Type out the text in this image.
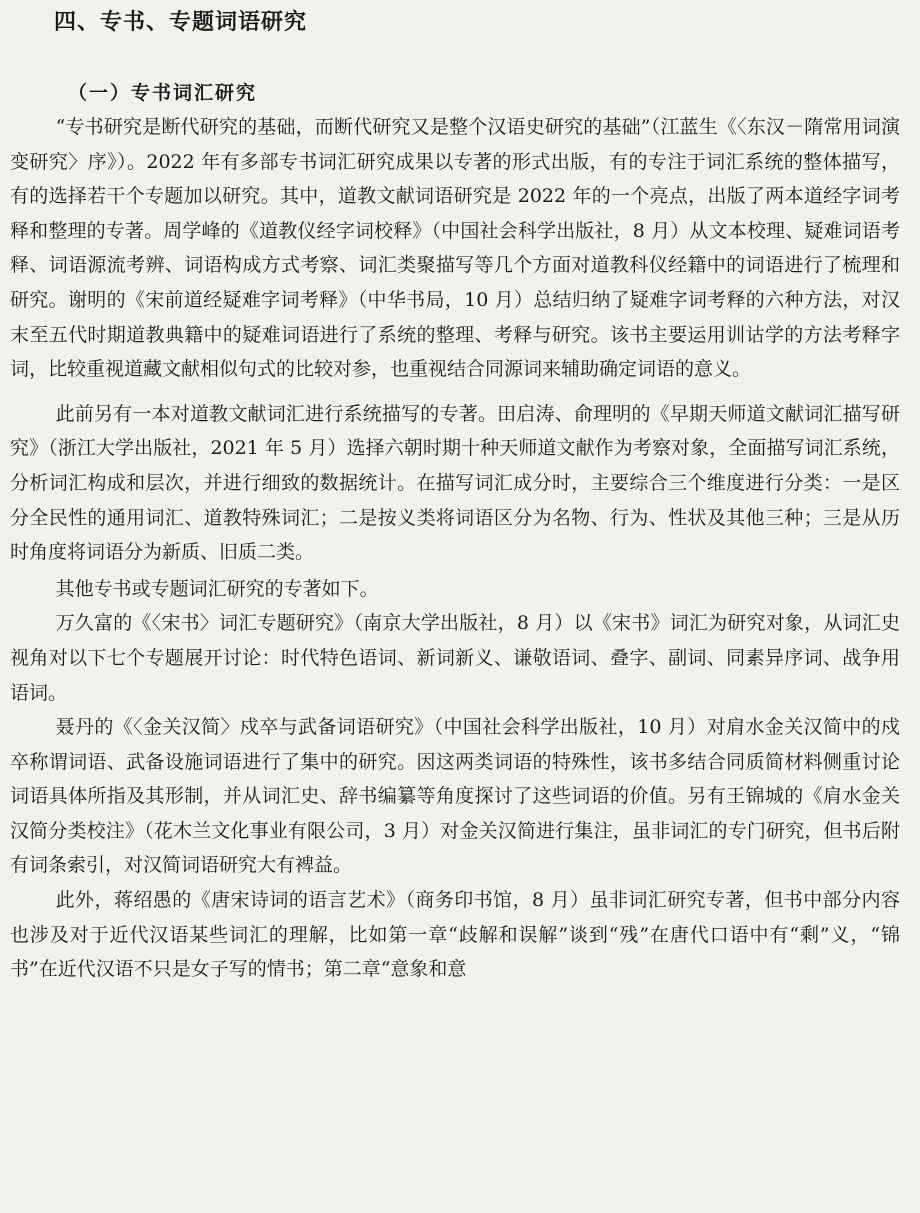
四、专书、专题词语研究
（一）专书词汇研究

“专书研究是断代研究的基础，而断代研究又是整个汉语史研究的基础”（江蓝生《〈东汉－隋常用词演变研究〉序》）。2022 年有多部专书词汇研究成果以专著的形式出版，有的专注于词汇系统的整体描写，有的选择若干个专题加以研究。其中，道教文献词语研究是 2022 年的一个亮点，出版了两本道经字词考释和整理的专著。周学峰的《道教仪经字词校释》（中国社会科学出版社，8 月）从文本校理、疑难词语考释、词语源流考辨、词语构成方式考察、词汇类聚描写等几个方面对道教科仪经籍中的词语进行了梳理和研究。谢明的《宋前道经疑难字词考释》（中华书局，10 月）总结归纳了疑难字词考释的六种方法，对汉末至五代时期道教典籍中的疑难词语进行了系统的整理、考释与研究。该书主要运用训诂学的方法考释字词，比较重视道藏文献相似句式的比较对参，也重视结合同源词来辅助确定词语的意义。

此前另有一本对道教文献词汇进行系统描写的专著。田启涛、俞理明的《早期天师道文献词汇描写研究》（浙江大学出版社，2021 年 5 月）选择六朝时期十种天师道文献作为考察对象，全面描写词汇系统，分析词汇构成和层次，并进行细致的数据统计。在描写词汇成分时，主要综合三个维度进行分类：一是区分全民性的通用词汇、道教特殊词汇；二是按义类将词语区分为名物、行为、性状及其他三种；三是从历时角度将词语分为新质、旧质二类。

其他专书或专题词汇研究的专著如下。

万久富的《〈宋书〉词汇专题研究》（南京大学出版社，8 月）以《宋书》词汇为研究对象，从词汇史视角对以下七个专题展开讨论：时代特色语词、新词新义、谦敬语词、叠字、副词、同素异序词、战争用语词。

聂丹的《〈金关汉简〉戍卒与武备词语研究》（中国社会科学出版社，10 月）对肩水金关汉简中的戍卒称谓词语、武备设施词语进行了集中的研究。因这两类词语的特殊性，该书多结合同质简材料侧重讨论词语具体所指及其形制，并从词汇史、辞书编纂等角度探讨了这些词语的价值。另有王锦城的《肩水金关汉简分类校注》（花木兰文化事业有限公司，3 月）对金关汉简进行集注，虽非词汇的专门研究，但书后附有词条索引，对汉简词语研究大有裨益。

此外，蒋绍愚的《唐宋诗词的语言艺术》（商务印书馆，8 月）虽非词汇研究专著，但书中部分内容也涉及对于近代汉语某些词汇的理解，比如第一章“歧解和误解”谈到“残”在唐代口语中有“剩”义，“锦书”在近代汉语不只是女子写的情书；第二章“意象和意
